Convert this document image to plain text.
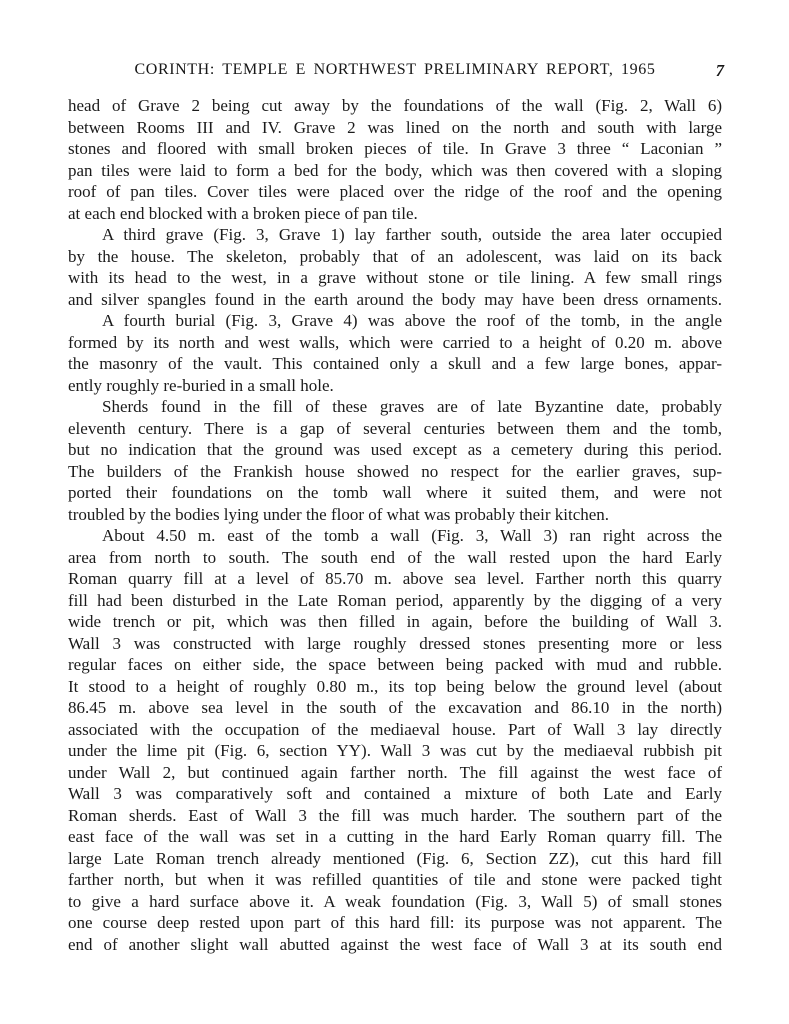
CORINTH: TEMPLE E NORTHWEST PRELIMINARY REPORT, 1965	7
head of Grave 2 being cut away by the foundations of the wall (Fig. 2, Wall 6)
between Rooms III and IV. Grave 2 was lined on the north and south with large
stones and floored with small broken pieces of tile. In Grave 3 three “ Laconian ”
pan tiles were laid to form a bed for the body, which was then covered with a sloping
roof of pan tiles. Cover tiles were placed over the ridge of the roof and the opening
at each end blocked with a broken piece of pan tile.
A third grave (Fig. 3, Grave 1) lay farther south, outside the area later occupied
by the house. The skeleton, probably that of an adolescent, was laid on its back
with its head to the west, in a grave without stone or tile lining. A few small rings
and silver spangles found in the earth around the body may have been dress ornaments.
A fourth burial (Fig. 3, Grave 4) was above the roof of the tomb, in the angle
formed by its north and west walls, which were carried to a height of 0.20 m. above
the masonry of the vault. This contained only a skull and a few large bones, appar-
ently roughly re-buried in a small hole.
Sherds found in the fill of these graves are of late Byzantine date, probably
eleventh century. There is a gap of several centuries between them and the tomb,
but no indication that the ground was used except as a cemetery during this period.
The builders of the Frankish house showed no respect for the earlier graves, sup-
ported their foundations on the tomb wall where it suited them, and were not
troubled by the bodies lying under the floor of what was probably their kitchen.
About 4.50 m. east of the tomb a wall (Fig. 3, Wall 3) ran right across the
area from north to south. The south end of the wall rested upon the hard Early
Roman quarry fill at a level of 85.70 m. above sea level. Farther north this quarry
fill had been disturbed in the Late Roman period, apparently by the digging of a very
wide trench or pit, which was then filled in again, before the building of Wall 3.
Wall 3 was constructed with large roughly dressed stones presenting more or less
regular faces on either side, the space between being packed with mud and rubble.
It stood to a height of roughly 0.80 m., its top being below the ground level (about
86.45 m. above sea level in the south of the excavation and 86.10 in the north)
associated with the occupation of the mediaeval house. Part of Wall 3 lay directly
under the lime pit (Fig. 6, section YY). Wall 3 was cut by the mediaeval rubbish pit
under Wall 2, but continued again farther north. The fill against the west face of
Wall 3 was comparatively soft and contained a mixture of both Late and Early
Roman sherds. East of Wall 3 the fill was much harder. The southern part of the
east face of the wall was set in a cutting in the hard Early Roman quarry fill. The
large Late Roman trench already mentioned (Fig. 6, Section ZZ), cut this hard fill
farther north, but when it was refilled quantities of tile and stone were packed tight
to give a hard surface above it. A weak foundation (Fig. 3, Wall 5) of small stones
one course deep rested upon part of this hard fill: its purpose was not apparent. The
end of another slight wall abutted against the west face of Wall 3 at its south end
